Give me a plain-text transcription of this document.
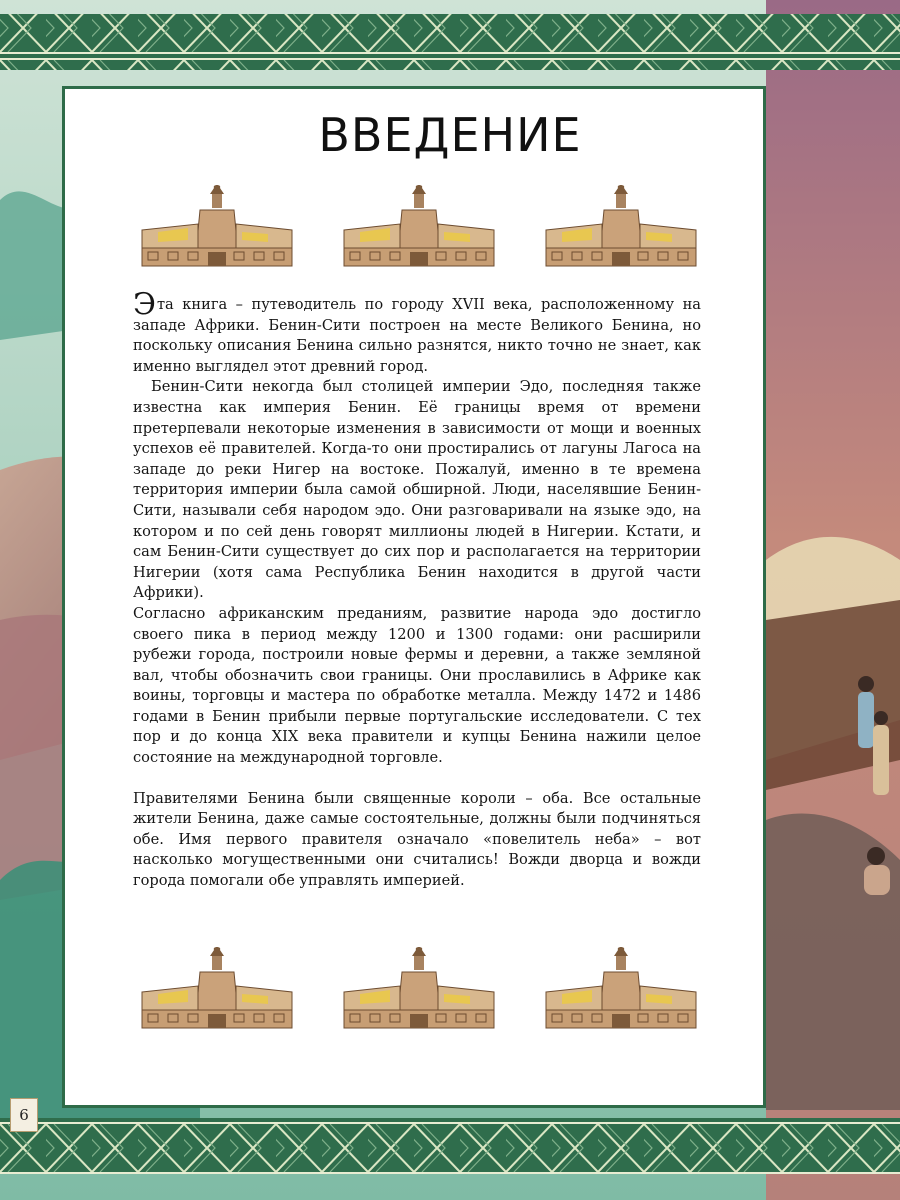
ВВЕДЕНИЕ

Эта книга – путеводитель по городу XVII века, расположенному на западе Африки. Бенин-Сити построен на месте Великого Бенина, но поскольку описания Бенина сильно разнятся, никто точно не знает, как именно выглядел этот древний город.

Бенин-Сити некогда был столицей империи Эдо, последняя также известна как империя Бенин. Её границы время от времени претерпевали некоторые изменения в зависимости от мощи и военных успехов её правителей. Когда-то они простирались от лагуны Лагоса на западе до реки Нигер на востоке. Пожалуй, именно в те времена территория империи была самой обширной. Люди, населявшие Бенин-Сити, называли себя народом эдо. Они разговаривали на языке эдо, на котором и по сей день говорят миллионы людей в Нигерии. Кстати, и сам Бенин-Сити существует до сих пор и располагается на территории Нигерии (хотя сама Республика Бенин находится в другой части Африки).

Согласно африканским преданиям, развитие народа эдо достигло своего пика в период между 1200 и 1300 годами: они расширили рубежи города, построили новые фермы и деревни, а также земляной вал, чтобы обозначить свои границы. Они прославились в Африке как воины, торговцы и мастера по обработке металла. Между 1472 и 1486 годами в Бенин прибыли первые португальские исследователи. С тех пор и до конца XIX века правители и купцы Бенина нажили целое состояние на международной торговле.

Правителями Бенина были священные короли – оба. Все остальные жители Бенина, даже самые состоятельные, должны были подчиняться обе. Имя первого правителя означало «повелитель неба» – вот насколько могущественными они считались! Вожди дворца и вожди города помогали обе управлять империей.

6
